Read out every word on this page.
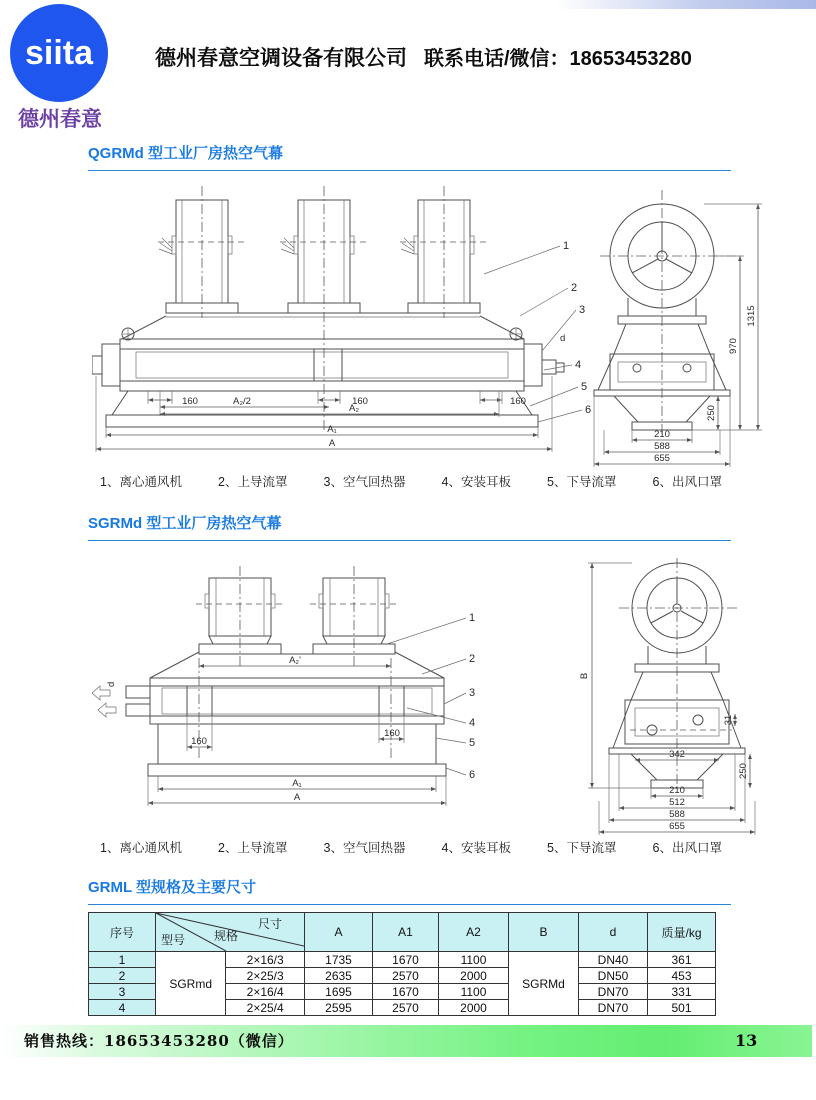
siita
德州春意
德州春意空调设备有限公司 联系电话/微信：18653453280
QGRMd 型工业厂房热空气幕
160	160	160
A₂/2
A₂
A₁
A
1
2
3
d
4
5
6	250
970
1315
210
588
655
1、离心通风机	2、上导流罩	3、空气回热器	4、安装耳板	5、下导流罩	6、出风口罩
SGRMd 型工业厂房热空气幕
d
A₂'
160
160
A₁
A
1
2
3
4
5
6
B
342
31
250
210
512
588
655
1、离心通风机	2、上导流罩	3、空气回热器	4、安装耳板	5、下导流罩	6、出风口罩
GRML 型规格及主要尺寸
序号	尺寸
型号 规格		A	A1	A2	B	d	质量/kg
1	SGRmd	2×16/3	1735	1670	1100	SGRMd	DN40	361
2		2×25/3	2635	2570	2000		DN50	453
3		2×16/4	1695	1670	1100		DN70	331
4		2×25/4	2595	2570	2000		DN70	501
销售热线：18653453280（微信）	13
